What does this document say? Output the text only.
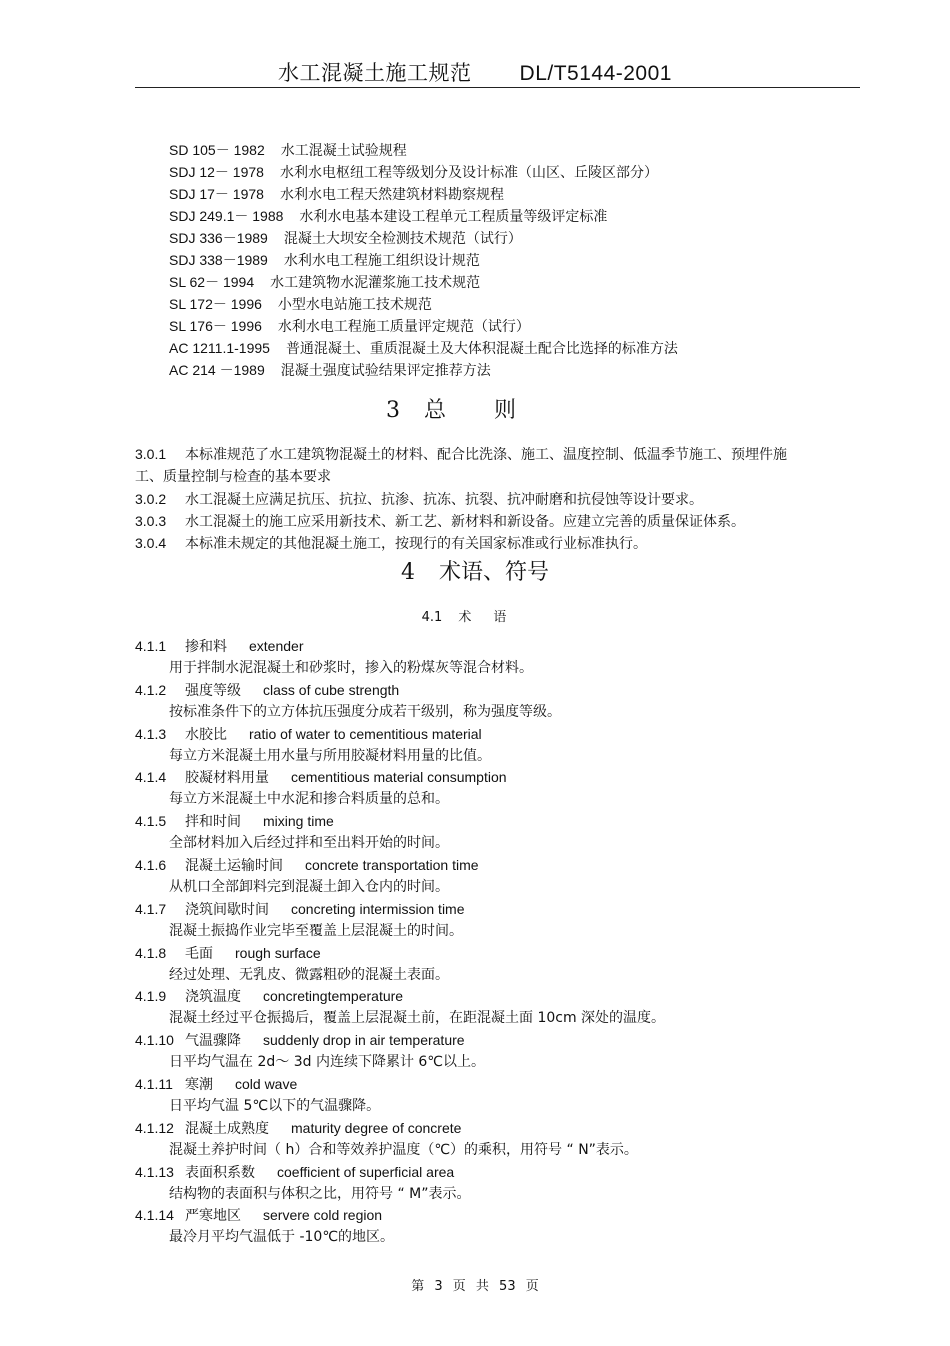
水工混凝土施工规范 DL/T5144-2001
SD 105－ 1982 水工混凝土试验规程
SDJ 12－ 1978 水利水电枢纽工程等级划分及设计标准（山区、丘陵区部分）
SDJ 17－ 1978 水利水电工程天然建筑材料勘察规程
SDJ 249.1－ 1988 水利水电基本建设工程单元工程质量等级评定标准
SDJ 336－1989 混凝土大坝安全检测技术规范（试行）
SDJ 338－1989 水利水电工程施工组织设计规范
SL 62－ 1994 水工建筑物水泥灌浆施工技术规范
SL 172－ 1996 小型水电站施工技术规范
SL 176－ 1996 水利水电工程施工质量评定规范（试行）
AC 1211.1-1995 普通混凝土、重质混凝土及大体积混凝土配合比选择的标准方法
AC 214 －1989 混凝土强度试验结果评定推荐方法
3 总则
3.0.1 本标准规范了水工建筑物混凝土的材料、配合比洗涤、施工、温度控制、低温季节施工、预埋件施工、质量控制与检查的基本要求
3.0.2 水工混凝土应满足抗压、抗拉、抗渗、抗冻、抗裂、抗冲耐磨和抗侵蚀等设计要求。
3.0.3 水工混凝土的施工应采用新技术、新工艺、新材料和新设备。应建立完善的质量保证体系。
3.0.4 本标准未规定的其他混凝土施工，按现行的有关国家标准或行业标准执行。
4 术语、符号
4.1 术语
4.1.1 掺和料 extender
用于拌制水泥混凝土和砂浆时，掺入的粉煤灰等混合材料。
4.1.2 强度等级 class of cube strength
按标准条件下的立方体抗压强度分成若干级别，称为强度等级。
4.1.3 水胶比 ratio of water to cementitious material
每立方米混凝土用水量与所用胶凝材料用量的比值。
4.1.4 胶凝材料用量 cementitious material consumption
每立方米混凝土中水泥和掺合料质量的总和。
4.1.5 拌和时间 mixing time
全部材料加入后经过拌和至出料开始的时间。
4.1.6 混凝土运输时间 concrete transportation time
从机口全部卸料完到混凝土卸入仓内的时间。
4.1.7 浇筑间歇时间 concreting intermission time
混凝土振捣作业完毕至覆盖上层混凝土的时间。
4.1.8 毛面 rough surface
经过处理、无乳皮、微露粗砂的混凝土表面。
4.1.9 浇筑温度 concretingtemperature
混凝土经过平仓振捣后，覆盖上层混凝土前，在距混凝土面 10cm 深处的温度。
4.1.10 气温骤降 suddenly drop in air temperature
日平均气温在 2d～ 3d 内连续下降累计 6℃以上。
4.1.11 寒潮 cold wave
日平均气温 5℃以下的气温骤降。
4.1.12 混凝土成熟度 maturity degree of concrete
混凝土养护时间（ h）合和等效养护温度（℃）的乘积，用符号 “ N”表示。
4.1.13 表面积系数 coefficient of superficial area
结构物的表面积与体积之比，用符号 “ M”表示。
4.1.14 严寒地区 servere cold region
最冷月平均气温低于 -10℃的地区。
第 3 页 共 53 页
